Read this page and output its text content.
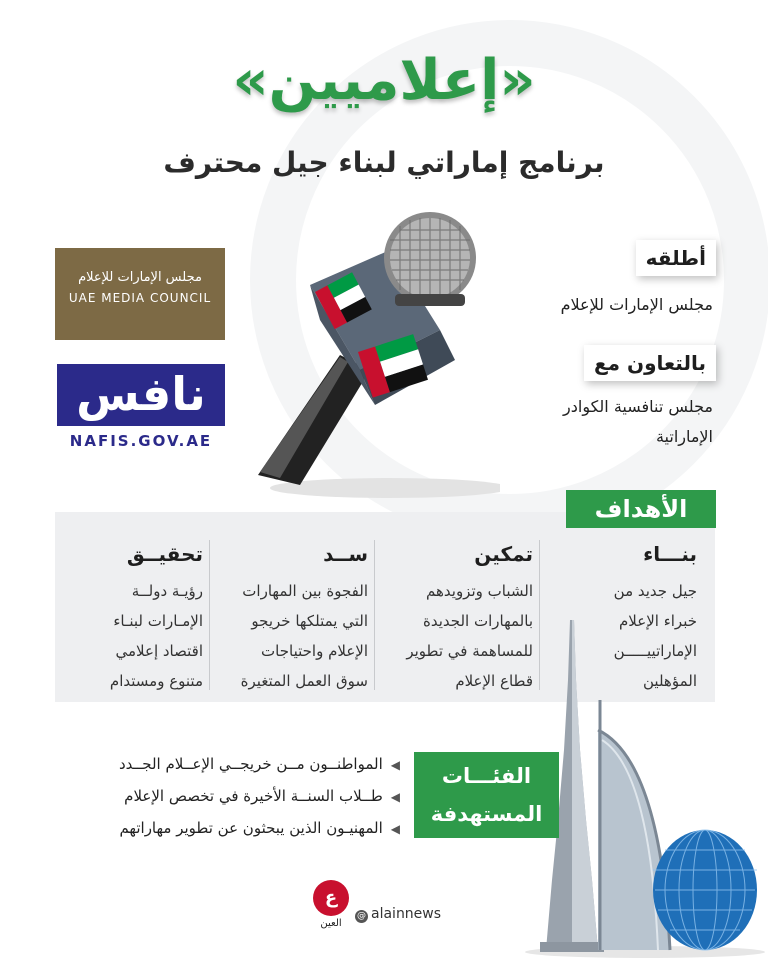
«إعلاميين»
برنامج إماراتي لبناء جيل محترف
مجلس الإمارات للإعلام
UAE MEDIA COUNCIL
نافس
NAFIS.GOV.AE
أطلقه
مجلس الإمارات للإعلام
بالتعاون مع
مجلس تنافسية الكوادر
الإماراتية
بنـــاء
جيل جديد من
خبراء الإعلام
الإماراتييـــــن
المؤهلين
تمكين
الشباب وتزويدهم
بالمهارات الجديدة
للمساهمة في تطوير
قطاع الإعلام
ســد
الفجوة بين المهارات
التي يمتلكها خريجو
الإعلام واحتياجات
سوق العمل المتغيرة
تحقيــق
رؤيـة دولــة
الإمـارات لبنـاء
اقتصاد إعلامي
متنوع ومستدام
الأهداف
◀المواطنــون مــن خريجــي الإعــلام الجــدد
◀طــلاب السنــة الأخيرة في تخصص الإعلام
◀المهنيـون الذين يبحثون عن تطوير مهاراتهم
الفئـــات
المستهدفة
ع
العين
@ alainnews
